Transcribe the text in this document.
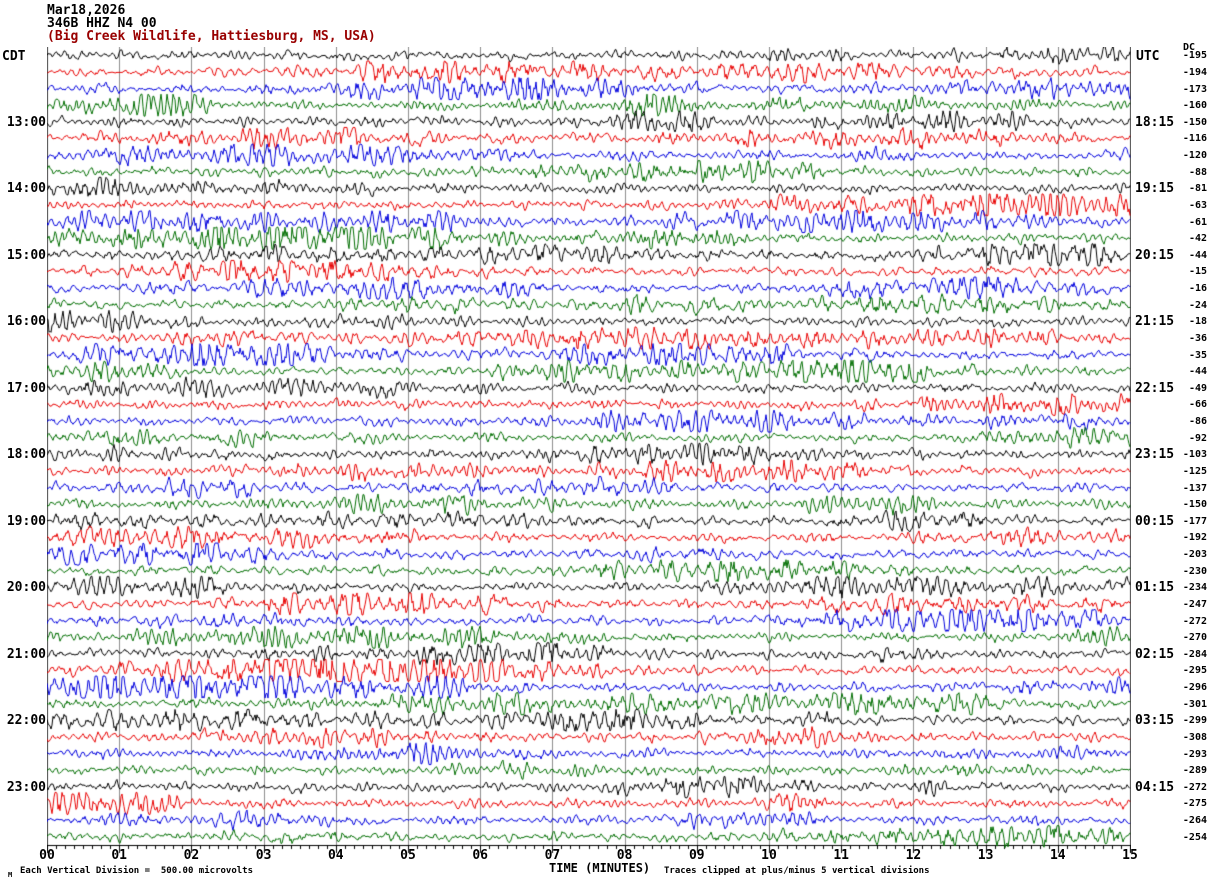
Mar18,2026
346B HHZ N4 00
(Big Creek Wildlife, Hattiesburg, MS, USA)
CDT	UTC
DC
13:00
14:00
15:00
16:00
17:00
18:00
19:00
20:00
21:00
22:00
23:00
18:15
19:15
20:15
21:15
22:15
23:15
00:15
01:15
02:15
03:15
04:15
-195
-194
-173
-160
-150
-116
-120
-88
-81
-63
-61
-42
-44
-15
-16
-24
-18
-36
-35
-44
-49
-66
-86
-92
-103
-125
-137
-150
-177
-192
-203
-230
-234
-247
-272
-270
-284
-295
-296
-301
-299
-308
-293
-289
-272
-275
-264
-254
00	01	02	03	04	05	06	07	08	09	10	11	12	13	14	15
TIME (MINUTES)
M Each Vertical Division =  500.00 microvolts	Traces clipped at plus/minus 5 vertical divisions
